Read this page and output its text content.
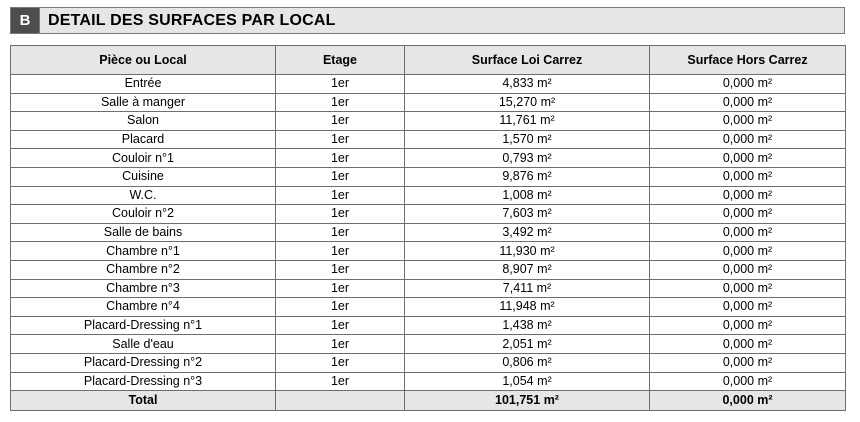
B	DETAIL DES SURFACES PAR LOCAL
Pièce ou Local	Etage	Surface Loi Carrez	Surface Hors Carrez
Entrée	1er	4,833 m²	0,000 m²
Salle à manger	1er	15,270 m²	0,000 m²
Salon	1er	11,761 m²	0,000 m²
Placard	1er	1,570 m²	0,000 m²
Couloir n°1	1er	0,793 m²	0,000 m²
Cuisine	1er	9,876 m²	0,000 m²
W.C.	1er	1,008 m²	0,000 m²
Couloir n°2	1er	7,603 m²	0,000 m²
Salle de bains	1er	3,492 m²	0,000 m²
Chambre n°1	1er	11,930 m²	0,000 m²
Chambre n°2	1er	8,907 m²	0,000 m²
Chambre n°3	1er	7,411 m²	0,000 m²
Chambre n°4	1er	11,948 m²	0,000 m²
Placard-Dressing n°1	1er	1,438 m²	0,000 m²
Salle d'eau	1er	2,051 m²	0,000 m²
Placard-Dressing n°2	1er	0,806 m²	0,000 m²
Placard-Dressing n°3	1er	1,054 m²	0,000 m²
Total		101,751 m²	0,000 m²
